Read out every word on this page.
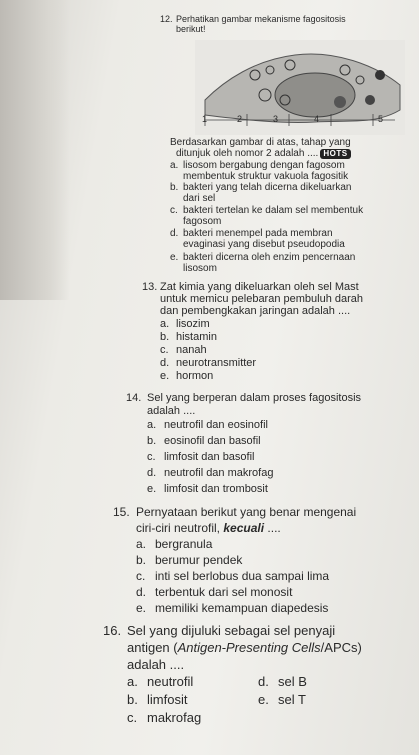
12. Perhatikan gambar mekanisme fagositosis
berikut!
1	2	3	4	5
Berdasarkan gambar di atas, tahap yang
ditunjuk oleh nomor 2 adalah .... HOTS
a. lisosom bergabung dengan fagosom
membentuk struktur vakuola fagositik
b. bakteri yang telah dicerna dikeluarkan
dari sel
c. bakteri tertelan ke dalam sel membentuk
fagosom
d. bakteri menempel pada membran
evaginasi yang disebut pseudopodia
e. bakteri dicerna oleh enzim pencernaan
lisosom
13. Zat kimia yang dikeluarkan oleh sel Mast
untuk memicu pelebaran pembuluh darah
dan pembengkakan jaringan adalah ....
a. lisozim
b. histamin
c. nanah
d. neurotransmitter
e. hormon
14. Sel yang berperan dalam proses fagositosis
adalah ....
a. neutrofil dan eosinofil
b. eosinofil dan basofil
c. limfosit dan basofil
d. neutrofil dan makrofag
e. limfosit dan trombosit
15. Pernyataan berikut yang benar mengenai
ciri-ciri neutrofil, kecuali ....
a. bergranula
b. berumur pendek
c. inti sel berlobus dua sampai lima
d. terbentuk dari sel monosit
e. memiliki kemampuan diapedesis
16. Sel yang dijuluki sebagai sel penyaji
antigen (Antigen-Presenting Cells/APCs)
adalah ....
a. neutrofil
b. limfosit
c. makrofag
d. sel B
e. sel T
